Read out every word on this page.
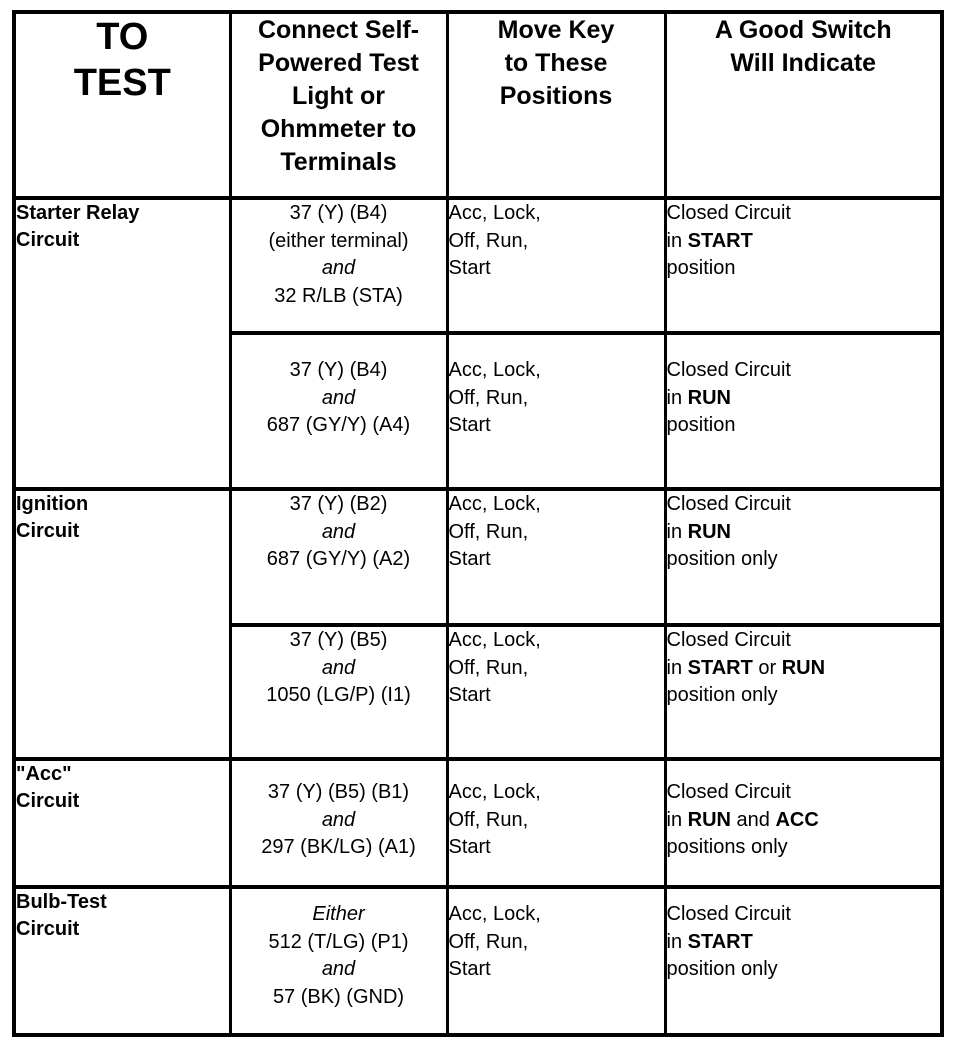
TO
TEST	Connect Self-
Powered Test
Light or
Ohmmeter to
Terminals	Move Key
to These
Positions	A Good Switch
Will Indicate

Starter Relay
Circuit	37 (Y) (B4)
(either terminal)
and
32 R/LB (STA)	Acc, Lock,
Off, Run,
Start	Closed Circuit
in START
position

	37 (Y) (B4)
and
687 (GY/Y) (A4)	Acc, Lock,
Off, Run,
Start	Closed Circuit
in RUN
position

Ignition
Circuit	37 (Y) (B2)
and
687 (GY/Y) (A2)	Acc, Lock,
Off, Run,
Start	Closed Circuit
in RUN
position only

	37 (Y) (B5)
and
1050 (LG/P) (I1)	Acc, Lock,
Off, Run,
Start	Closed Circuit
in START or RUN
position only

"Acc"
Circuit	37 (Y) (B5) (B1)
and
297 (BK/LG) (A1)	Acc, Lock,
Off, Run,
Start	Closed Circuit
in RUN and ACC
positions only

Bulb-Test
Circuit	Either
512 (T/LG) (P1)
and
57 (BK) (GND)	Acc, Lock,
Off, Run,
Start	Closed Circuit
in START
position only
